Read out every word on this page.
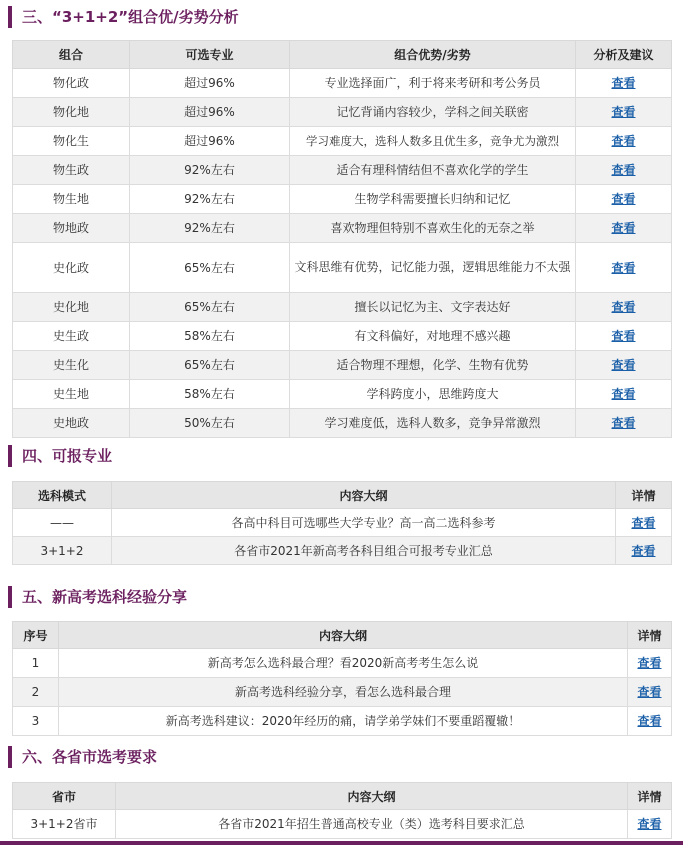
三、“3+1+2”组合优/劣势分析
组合	可选专业	组合优势/劣势	分析及建议
物化政	超过96%	专业选择面广，利于将来考研和考公务员	查看
物化地	超过96%	记忆背诵内容较少，学科之间关联密	查看
物化生	超过96%	学习难度大，选科人数多且优生多，竞争尤为激烈	查看
物生政	92%左右	适合有理科情结但不喜欢化学的学生	查看
物生地	92%左右	生物学科需要擅长归纳和记忆	查看
物地政	92%左右	喜欢物理但特别不喜欢生化的无奈之举	查看
史化政	65%左右	文科思维有优势，记忆能力强，逻辑思维能力不太强	查看
史化地	65%左右	擅长以记忆为主、文字表达好	查看
史生政	58%左右	有文科偏好，对地理不感兴趣	查看
史生化	65%左右	适合物理不理想，化学、生物有优势	查看
史生地	58%左右	学科跨度小，思维跨度大	查看
史地政	50%左右	学习难度低，选科人数多，竞争异常激烈	查看
四、可报专业
选科模式	内容大纲	详情
——	各高中科目可选哪些大学专业？高一高二选科参考	查看
3+1+2	各省市2021年新高考各科目组合可报考专业汇总	查看
五、新高考选科经验分享
序号	内容大纲	详情
1	新高考怎么选科最合理？看2020新高考考生怎么说	查看
2	新高考选科经验分享，看怎么选科最合理	查看
3	新高考选科建议：2020年经历的痛，请学弟学妹们不要重蹈覆辙！	查看
六、各省市选考要求
省市	内容大纲	详情
3+1+2省市	各省市2021年招生普通高校专业（类）选考科目要求汇总	查看
